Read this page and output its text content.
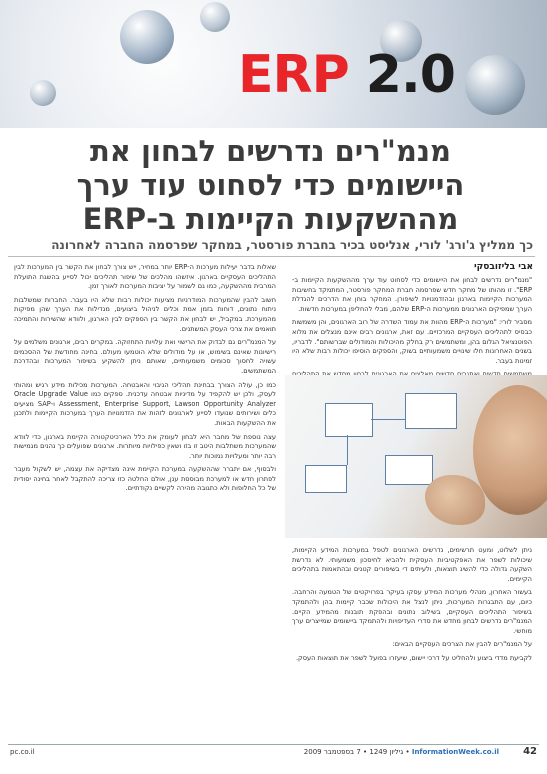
ERP 2.0
מנמ"רים נדרשים לבחון את
היישומים כדי לסחוט עוד ערך
מההשקעות הקיימות ב-ERP
כך ממליץ ג'ורג' לורי, אנליסט בכיר בחברת פורסטר, במחקר שפרסמה החברה לאחרונה
אבי בליזובסקי

"מנמ"רים נדרשים לבחון את היישומים כדי לסחוט עוד ערך מההשקעות הקיימות ב-ERP". זו מהותו של מחקר חדש שפרסמה חברת המחקר פורסטר, המתמקד בחשיבות המערכות הקיימות בארגון ובהזדמנויות לשיפורן. המחקר בוחן את הדרכים להגדלת הערך שמפיקים הארגונים ממערכות ה-ERP שלהם, מבלי להחליפן במערכות חדשות.

מסביר לורי: "מערכות ה-ERP מהוות את עמוד השדרה של רוב הארגונים, והן משמשות כבסיס לתהליכים העסקיים המרכזיים. עם זאת, ארגונים רבים אינם מנצלים את מלוא הפוטנציאל הגלום בהן, ומשתמשים רק בחלק מהיכולות והמודולים שברשותם". לדבריו, בשנים האחרונות חלו שינויים משמעותיים בשוק, והספקים הוסיפו יכולות רבות שלא היו זמינות בעבר.

ניתן לשלוט, ומעט תרשימים, נדרשים הארגונים לטפל במערכות המידע הקיימות, שיכולות לשפר את האפקטיביות העסקית ולהביא לחיסכון משמעותי. לא נדרשת השקעה גדולה כדי להשיג תוצאות, ולעיתים די בשיפורים קטנים ובהתאמות בתהליכים הקיימים.

בעשור האחרון, מנהלי מערכות המידע עסקו בעיקר בפרויקטים של הטמעה והרחבה. כיום, עם התבגרות המערכות, ניתן לנצל את היכולות שכבר קיימות בהן ולהתמקד בשיפור התהליכים העסקיים, בשילוב נתונים ובהפקת תובנות מהמידע הקיים. המנמ"רים נדרשים לבחון מחדש את סדרי העדיפויות ולהתמקד ביישומים שמייצרים ערך מוחשי.

על המנמ"רים להבין את הצרכים העסקיים הבאים:

לקביעת מדדי ביצוע ולהחליט על דרכי יישום, שיעזרו בפועל לשפר את תוצאות העסק.

שאלות בדבר יעילות מערכות ה-ERP יותר במחיר, ייש צורך לבחון את הקשר בין המערכות לבין התהליכים העסקיים בארגון. איזשהו מהלכים של שיפור תהליכים יכול לסייע בהשגת התועלת המרבית מההשקעה, כמו גם לשמור על יציבות המערכות לאורך זמן.

חשוב להבין שהמערכות המודרניות מציעות יכולות רבות שלא היו בעבר. החברות שמשלבות ניתוח נתונים, דוחות בזמן אמת וכלים לניהול ביצועים, מגדילות את הערך שהן מפיקות מהמערכת. במקביל, יש לבחון את הקשר בין הספקים לבין הארגון, ולוודא שהשירות והתמיכה תואמים את צרכי העסק המשתנים.

על המנמ"רים גם לבדוק את הרישוי ואת עלויות התחזוקה. במקרים רבים, ארגונים משלמים על רישיונות שאינם בשימוש, או על מודולים שלא הוטמעו מעולם. בחינה מחודשת של ההסכמים עשויה לחסוך סכומים משמעותיים, שאותם ניתן להשקיע בשיפור המערכות ובהדרכת המשתמשים.

כמו כן, עולה הצורך בבחינת תהליכי הגיבוי והאבטחה. המערכות מכילות מידע רגיש ומהותי לעסק, ולכן יש להקפיד על מדיניות אבטחה עדכנית. ספקים כמו Oracle Upgrade Value Assessment, Enterprise Support, Lawson Opportunity Analyzer ו-SAP מציעים כלים ושירותים שנועדו לסייע לארגונים לזהות את הזדמנויות הערך במערכות הקיימות ולתכנן את ההשקעות הבאות.

עצה נוספת של מחבר היא לבחון לעומק את כלל הארכיטקטורה הקיימת בארגון, כדי לוודא שהמערכות משתלבות היטב זו בזו ושאין כפילויות מיותרות. ארגונים שפועלים כך נהנים מגמישות רבה יותר ומעלויות נמוכות יותר.

ולבסוף, אם יתברר שההשקעה במערכת הקיימת אינה מצדיקה את עצמה, יש לשקול מעבר לפתרון חדש או למערכת מבוססת ענן, אולם החלטה כזו צריכה להתקבל לאחר בחינה יסודית של כל החלופות ולא כתגובה מהירה לקשיים נקודתיים.

42
InformationWeek.co.il • גיליון 1249 • 7 בספטמבר 2009
pc.co.il
